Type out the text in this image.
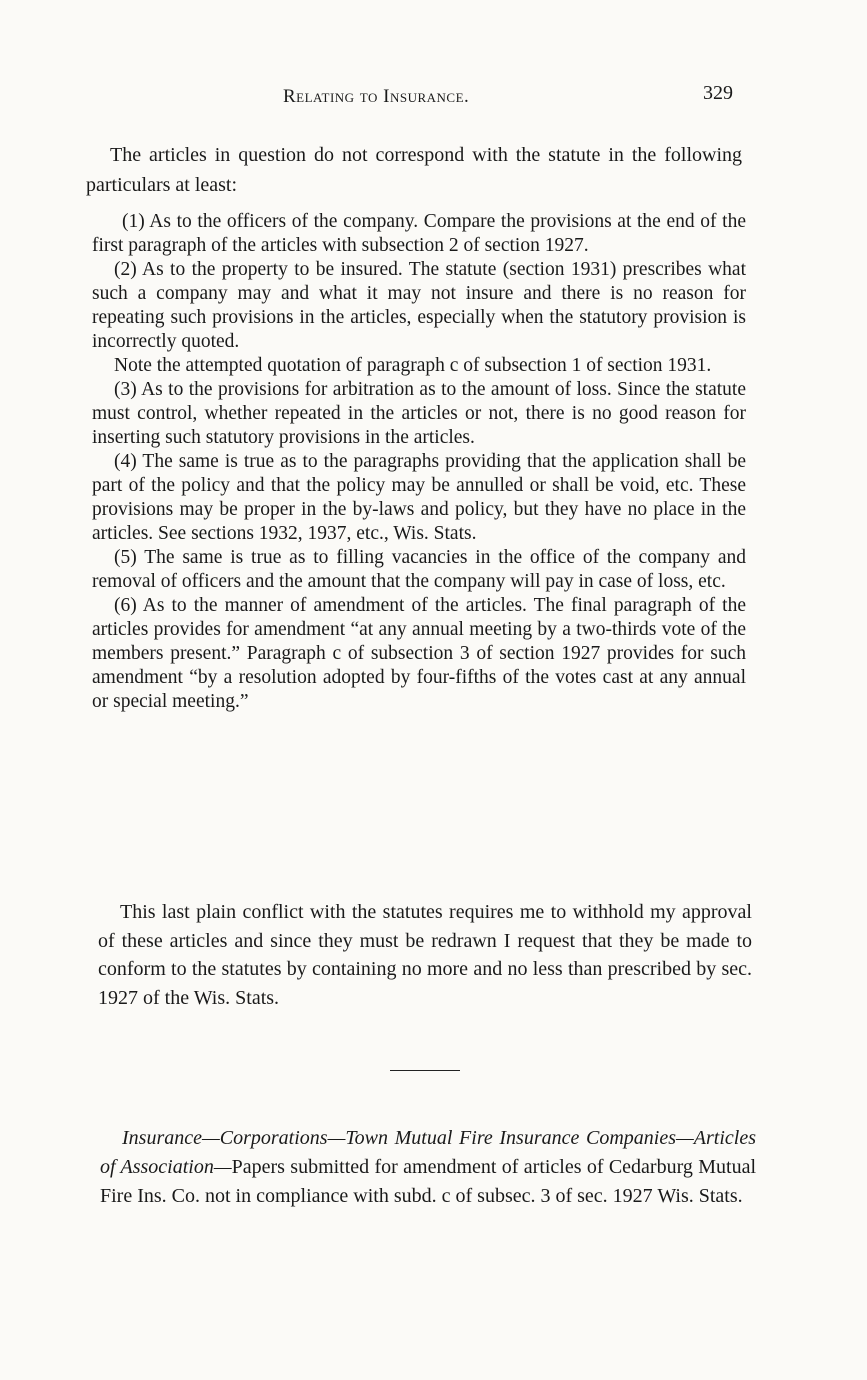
Relating to Insurance.	329

The articles in question do not correspond with the statute in the following particulars at least:

(1) As to the officers of the company. Compare the provisions at the end of the first paragraph of the articles with subsection 2 of section 1927.

(2) As to the property to be insured. The statute (section 1931) prescribes what such a company may and what it may not insure and there is no reason for repeating such provisions in the articles, especially when the statutory provision is incorrectly quoted.

Note the attempted quotation of paragraph c of subsection 1 of section 1931.

(3) As to the provisions for arbitration as to the amount of loss. Since the statute must control, whether repeated in the articles or not, there is no good reason for inserting such statutory provisions in the articles.

(4) The same is true as to the paragraphs providing that the application shall be part of the policy and that the policy may be annulled or shall be void, etc. These provisions may be proper in the by-laws and policy, but they have no place in the articles. See sections 1932, 1937, etc., Wis. Stats.

(5) The same is true as to filling vacancies in the office of the company and removal of officers and the amount that the company will pay in case of loss, etc.

(6) As to the manner of amendment of the articles. The final paragraph of the articles provides for amendment “at any annual meeting by a two-thirds vote of the members present.” Paragraph c of subsection 3 of section 1927 provides for such amendment “by a resolution adopted by four-fifths of the votes cast at any annual or special meeting.”

This last plain conflict with the statutes requires me to withhold my approval of these articles and since they must be redrawn I request that they be made to conform to the statutes by containing no more and no less than prescribed by sec. 1927 of the Wis. Stats.

Insurance—Corporations—Town Mutual Fire Insurance Companies—Articles of Association—Papers submitted for amendment of articles of Cedarburg Mutual Fire Ins. Co. not in compliance with subd. c of subsec. 3 of sec. 1927 Wis. Stats.
